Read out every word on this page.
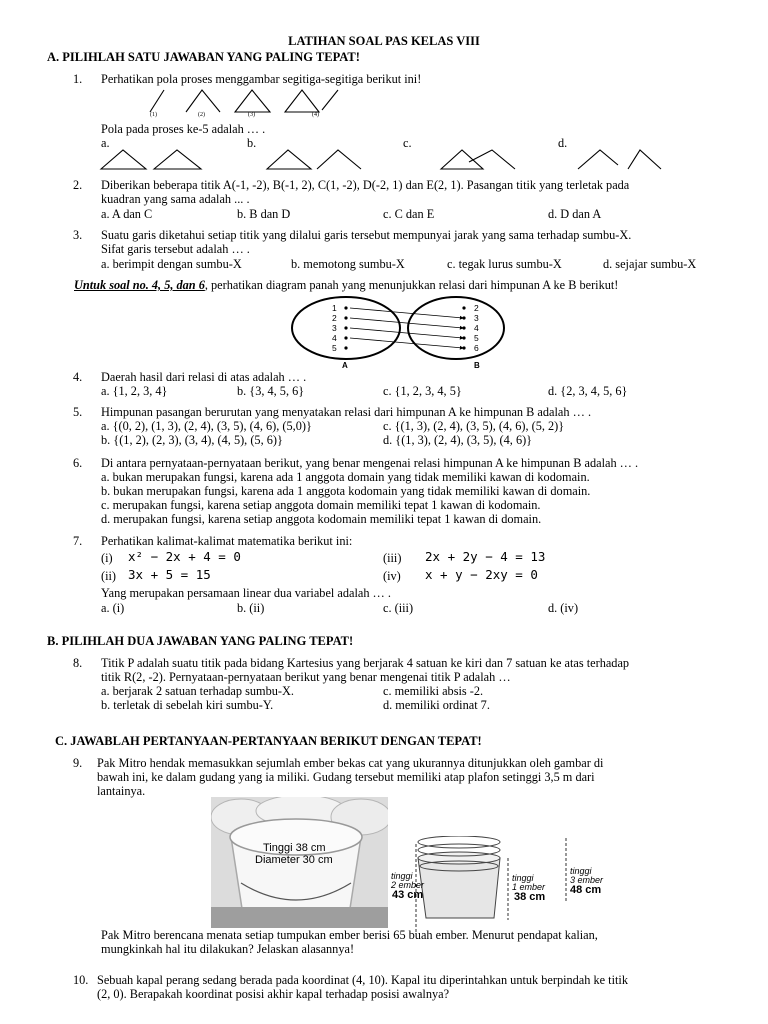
LATIHAN SOAL PAS KELAS VIII
A. PILIHLAH SATU JAWABAN YANG PALING TEPAT!
1. Perhatikan pola proses menggambar segitiga-segitiga berikut ini!
(1)	(2)	(3)	(4)
Pola pada proses ke-5 adalah … .
a.	b.	c.	d.
2. Diberikan beberapa titik A(-1, -2), B(-1, 2), C(1, -2), D(-2, 1) dan E(2, 1). Pasangan titik yang terletak pada
kuadran yang sama adalah ... .
a. A dan C	b. B dan D	c. C dan E	d. D dan A
3. Suatu garis diketahui setiap titik yang dilalui garis tersebut mempunyai jarak yang sama terhadap sumbu-X.
Sifat garis tersebut adalah … .
a. berimpit dengan sumbu-X	b. memotong sumbu-X	c. tegak lurus sumbu-X	d. sejajar sumbu-X
Untuk soal no. 4, 5, dan 6, perhatikan diagram panah yang menunjukkan relasi dari himpunan A ke B berikut!
1
2
3
4
5
2
3
4
5
6
A	B
4. Daerah hasil dari relasi di atas adalah … .
a. {1, 2, 3, 4}	b. {3, 4, 5, 6}	c. {1, 2, 3, 4, 5}	d. {2, 3, 4, 5, 6}
5. Himpunan pasangan berurutan yang menyatakan relasi dari himpunan A ke himpunan B adalah … .
a. {(0, 2), (1, 3), (2, 4), (3, 5), (4, 6), (5,0)}	c. {(1, 3), (2, 4), (3, 5), (4, 6), (5, 2)}
b. {(1, 2), (2, 3), (3, 4), (4, 5), (5, 6)}	d. {(1, 3), (2, 4), (3, 5), (4, 6)}
6. Di antara pernyataan-pernyataan berikut, yang benar mengenai relasi himpunan A ke himpunan B adalah … .
a. bukan merupakan fungsi, karena ada 1 anggota domain yang tidak memiliki kawan di kodomain.
b. bukan merupakan fungsi, karena ada 1 anggota kodomain yang tidak memiliki kawan di domain.
c. merupakan fungsi, karena setiap anggota domain memiliki tepat 1 kawan di kodomain.
d. merupakan fungsi, karena setiap anggota kodomain memiliki tepat 1 kawan di domain.
7. Perhatikan kalimat-kalimat matematika berikut ini:
(i) x² − 2x + 4 = 0	(iii) 2x + 2y − 4 = 13
(ii) 3x + 5 = 15	(iv) x + y − 2xy = 0
Yang merupakan persamaan linear dua variabel adalah … .
a. (i)	b. (ii)	c. (iii)	d. (iv)
B. PILIHLAH DUA JAWABAN YANG PALING TEPAT!
8. Titik P adalah suatu titik pada bidang Kartesius yang berjarak 4 satuan ke kiri dan 7 satuan ke atas terhadap
titik R(2, -2). Pernyataan-pernyataan berikut yang benar mengenai titik P adalah …
a. berjarak 2 satuan terhadap sumbu-X.	c. memiliki absis -2.
b. terletak di sebelah kiri sumbu-Y.	d. memiliki ordinat 7.
C. JAWABLAH PERTANYAAN-PERTANYAAN BERIKUT DENGAN TEPAT!
9. Pak Mitro hendak memasukkan sejumlah ember bekas cat yang ukurannya ditunjukkan oleh gambar di
bawah ini, ke dalam gudang yang ia miliki. Gudang tersebut memiliki atap plafon setinggi 3,5 m dari
lantainya.
Tinggi 38 cm
Diameter 30 cm
tinggi
2 ember
43 cm
tinggi
1 ember
38 cm
tinggi
3 ember
48 cm
Pak Mitro berencana menata setiap tumpukan ember berisi 65 buah ember. Menurut pendapat kalian,
mungkinkah hal itu dilakukan? Jelaskan alasannya!
10. Sebuah kapal perang sedang berada pada koordinat (4, 10). Kapal itu diperintahkan untuk berpindah ke titik
(2, 0). Berapakah koordinat posisi akhir kapal terhadap posisi awalnya?
